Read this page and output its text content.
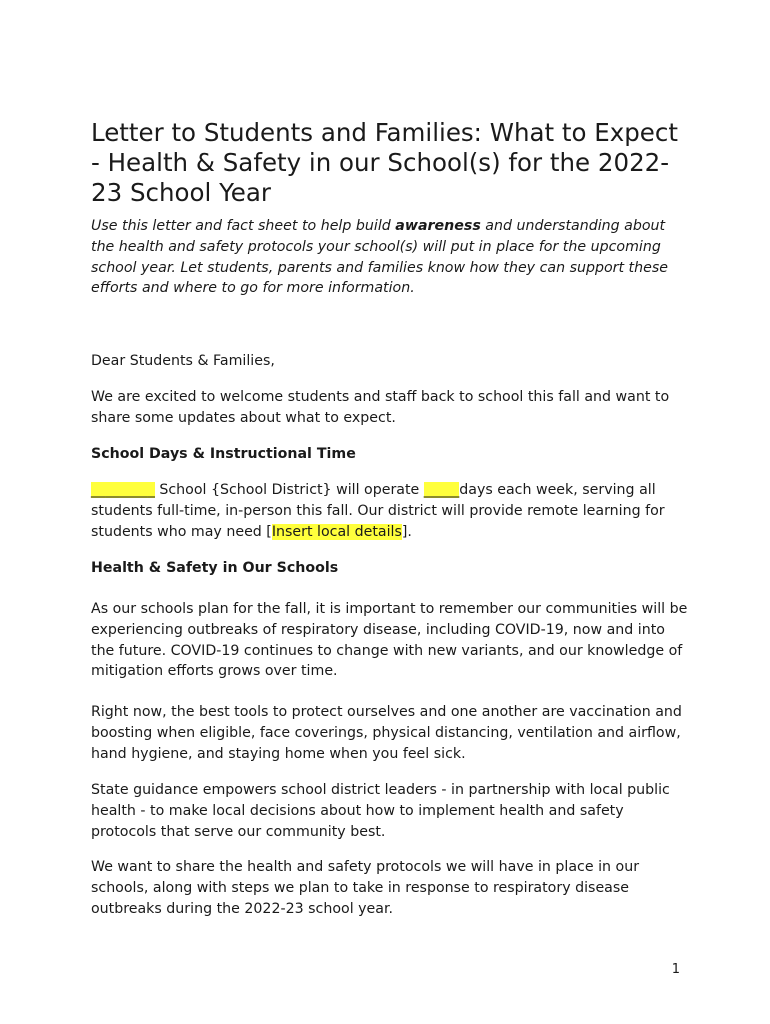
Letter to Students and Families: What to Expect - Health & Safety in our School(s) for the 2022-23 School Year

Use this letter and fact sheet to help build awareness and understanding about the health and safety protocols your school(s) will put in place for the upcoming school year. Let students, parents and families know how they can support these efforts and where to go for more information.

Dear Students & Families,

We are excited to welcome students and staff back to school this fall and want to share some updates about what to expect.

School Days & Instructional Time

_________ School {School District} will operate _____days each week, serving all students full-time, in-person this fall. Our district will provide remote learning for students who may need [Insert local details].

Health & Safety in Our Schools

As our schools plan for the fall, it is important to remember our communities will be experiencing outbreaks of respiratory disease, including COVID-19, now and into the future. COVID-19 continues to change with new variants, and our knowledge of mitigation efforts grows over time.

Right now, the best tools to protect ourselves and one another are vaccination and boosting when eligible, face coverings, physical distancing, ventilation and airflow, hand hygiene, and staying home when you feel sick.

State guidance empowers school district leaders - in partnership with local public health - to make local decisions about how to implement health and safety protocols that serve our community best.

We want to share the health and safety protocols we will have in place in our schools, along with steps we plan to take in response to respiratory disease outbreaks during the 2022-23 school year.

1
